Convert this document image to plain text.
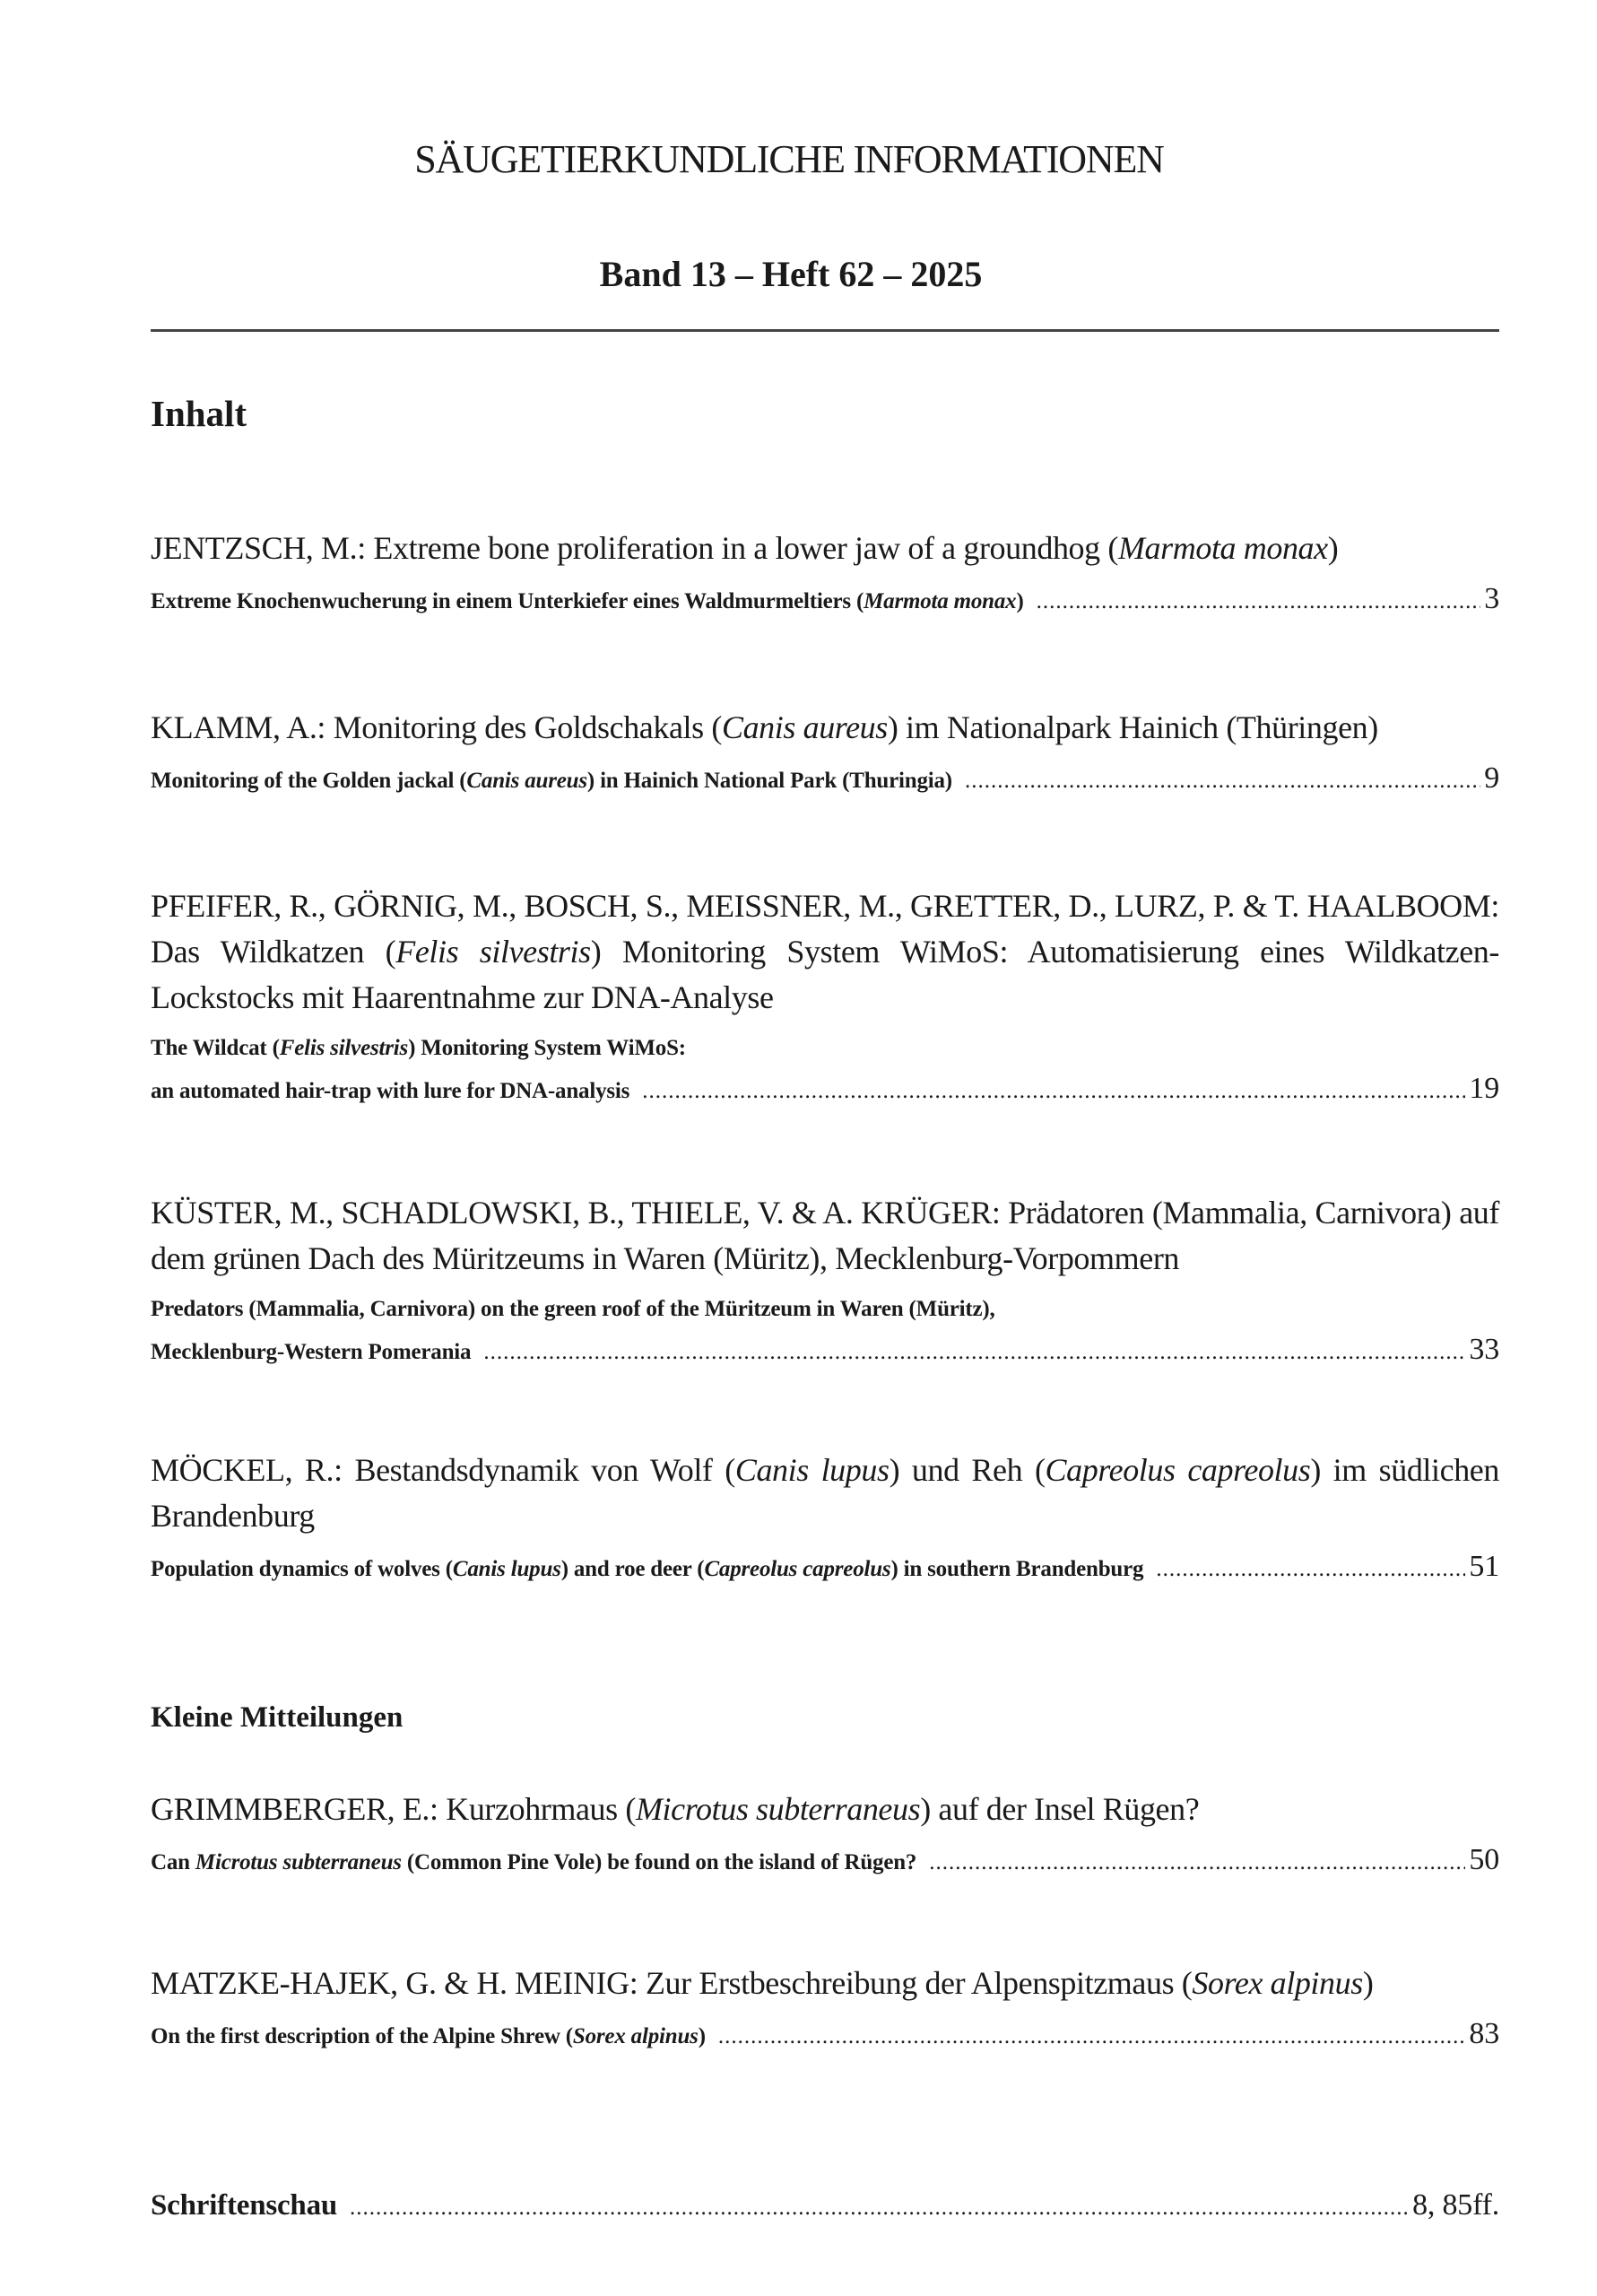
SÄUGETIERKUNDLICHE INFORMATIONEN
Band 13 – Heft 62 – 2025
Inhalt
JENTZSCH, M.: Extreme bone proliferation in a lower jaw of a groundhog (Marmota monax)
Extreme Knochenwucherung in einem Unterkiefer eines Waldmurmeltiers (Marmota monax) .....	3
KLAMM, A.: Monitoring des Goldschakals (Canis aureus) im Nationalpark Hainich (Thüringen)
Monitoring of the Golden jackal (Canis aureus) in Hainich National Park (Thuringia) .....	9
PFEIFER, R., GÖRNIG, M., BOSCH, S., MEISSNER, M., GRETTER, D., LURZ, P. & T. HAALBOOM: Das Wildkatzen (Felis silvestris) Monitoring System WiMoS: Automatisierung eines Wildkatzen-Lockstocks mit Haarentnahme zur DNA-Analyse
The Wildcat (Felis silvestris) Monitoring System WiMoS:
an automated hair-trap with lure for DNA-analysis .....	19
KÜSTER, M., SCHADLOWSKI, B., THIELE, V. & A. KRÜGER: Prädatoren (Mammalia, Carnivora) auf dem grünen Dach des Müritzeums in Waren (Müritz), Mecklenburg-Vorpommern
Predators (Mammalia, Carnivora) on the green roof of the Müritzeum in Waren (Müritz),
Mecklenburg-Western Pomerania .....	33
MÖCKEL, R.: Bestandsdynamik von Wolf (Canis lupus) und Reh (Capreolus capreolus) im südlichen Brandenburg
Population dynamics of wolves (Canis lupus) and roe deer (Capreolus capreolus) in southern Brandenburg .....	51
Kleine Mitteilungen
GRIMMBERGER, E.: Kurzohrmaus (Microtus subterraneus) auf der Insel Rügen?
Can Microtus subterraneus (Common Pine Vole) be found on the island of Rügen? .....	50
MATZKE-HAJEK, G. & H. MEINIG: Zur Erstbeschreibung der Alpenspitzmaus (Sorex alpinus)
On the first description of the Alpine Shrew (Sorex alpinus) .....	83
Schriftenschau .....	8, 85ff.
